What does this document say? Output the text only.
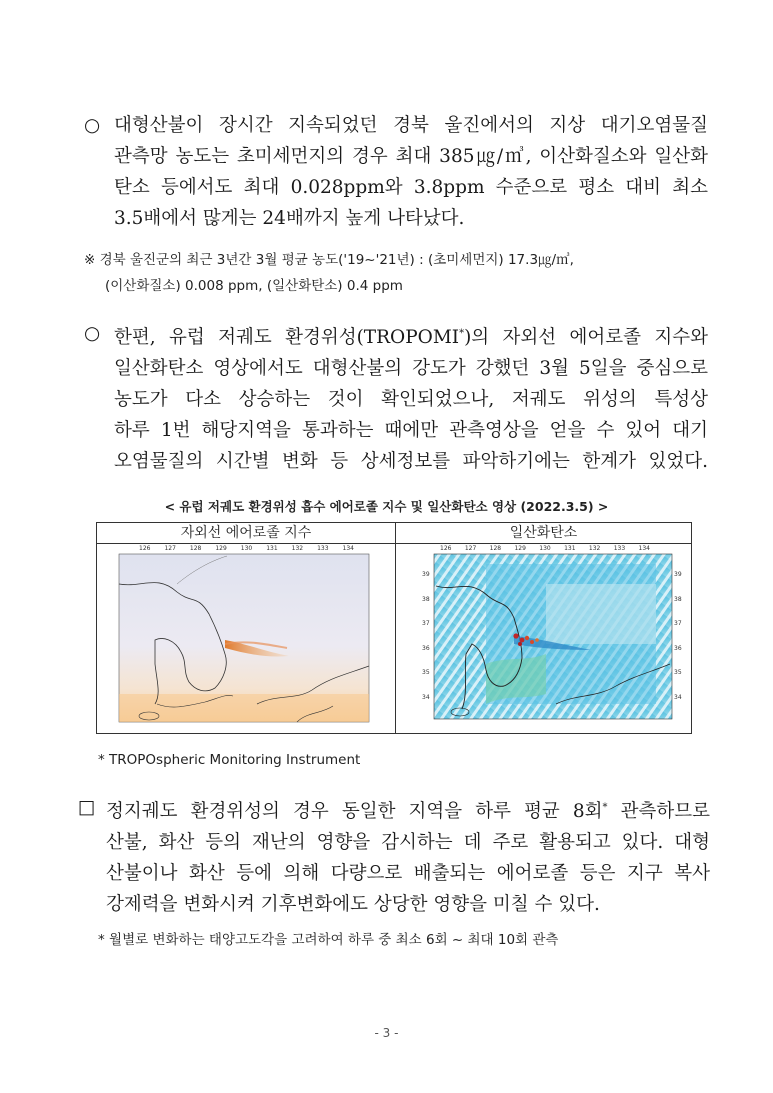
○ 대형산불이 장시간 지속되었던 경북 울진에서의 지상 대기오염물질
관측망 농도는 초미세먼지의 경우 최대 385㎍/㎥, 이산화질소와 일산화
탄소 등에서도 최대 0.028ppm와 3.8ppm 수준으로 평소 대비 최소
3.5배에서 많게는 24배까지 높게 나타났다.
※ 경북 울진군의 최근 3년간 3월 평균 농도('19~'21년) : (초미세먼지) 17.3㎍/㎥,
(이산화질소) 0.008 ppm, (일산화탄소) 0.4 ppm
○ 한편, 유럽 저궤도 환경위성(TROPOMI*)의 자외선 에어로졸 지수와
일산화탄소 영상에서도 대형산불의 강도가 강했던 3월 5일을 중심으로
농도가 다소 상승하는 것이 확인되었으나, 저궤도 위성의 특성상
하루 1번 해당지역을 통과하는 때에만 관측영상을 얻을 수 있어 대기
오염물질의 시간별 변화 등 상세정보를 파악하기에는 한계가 있었다.
< 유럽 저궤도 환경위성 흡수 에어로졸 지수 및 일산화탄소 영상 (2022.3.5) >
자외선 에어로졸 지수
126 127 128 129 130 131 132 133 134
일산화탄소
126 127 128 129 130 131 132 133 134
39
38
37
36
35
34
39
38
37
36
35
34
* TROPOspheric Monitoring Instrument
□ 정지궤도 환경위성의 경우 동일한 지역을 하루 평균 8회* 관측하므로
산불, 화산 등의 재난의 영향을 감시하는 데 주로 활용되고 있다. 대형
산불이나 화산 등에 의해 다량으로 배출되는 에어로졸 등은 지구 복사
강제력을 변화시켜 기후변화에도 상당한 영향을 미칠 수 있다.
* 월별로 변화하는 태양고도각을 고려하여 하루 중 최소 6회 ~ 최대 10회 관측
- 3 -
